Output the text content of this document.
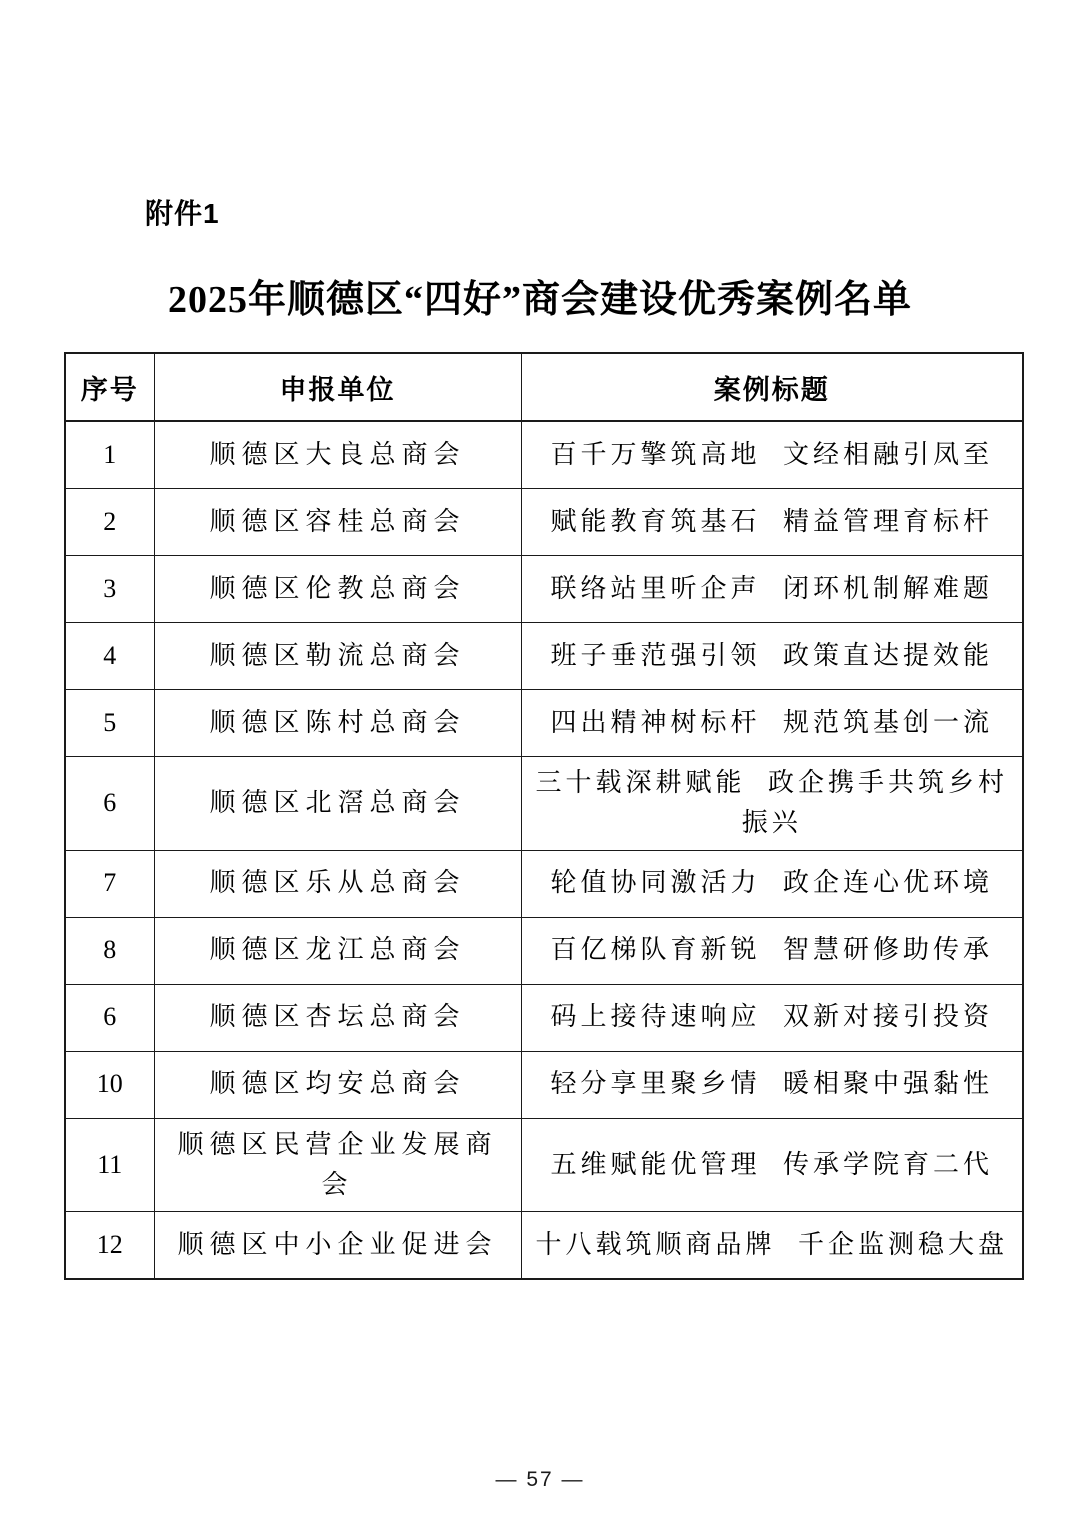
附件1
2025年顺德区“四好”商会建设优秀案例名单
序号	申报单位	案例标题
1	顺德区大良总商会	百千万擎筑高地 文经相融引凤至
2	顺德区容桂总商会	赋能教育筑基石 精益管理育标杆
3	顺德区伦教总商会	联络站里听企声 闭环机制解难题
4	顺德区勒流总商会	班子垂范强引领 政策直达提效能
5	顺德区陈村总商会	四出精神树标杆 规范筑基创一流
6	顺德区北滘总商会	三十载深耕赋能 政企携手共筑乡村振兴
7	顺德区乐从总商会	轮值协同激活力 政企连心优环境
8	顺德区龙江总商会	百亿梯队育新锐 智慧研修助传承
6	顺德区杏坛总商会	码上接待速响应 双新对接引投资
10	顺德区均安总商会	轻分享里聚乡情 暖相聚中强黏性
11	顺德区民营企业发展商会	五维赋能优管理 传承学院育二代
12	顺德区中小企业促进会	十八载筑顺商品牌 千企监测稳大盘
— 57 —
